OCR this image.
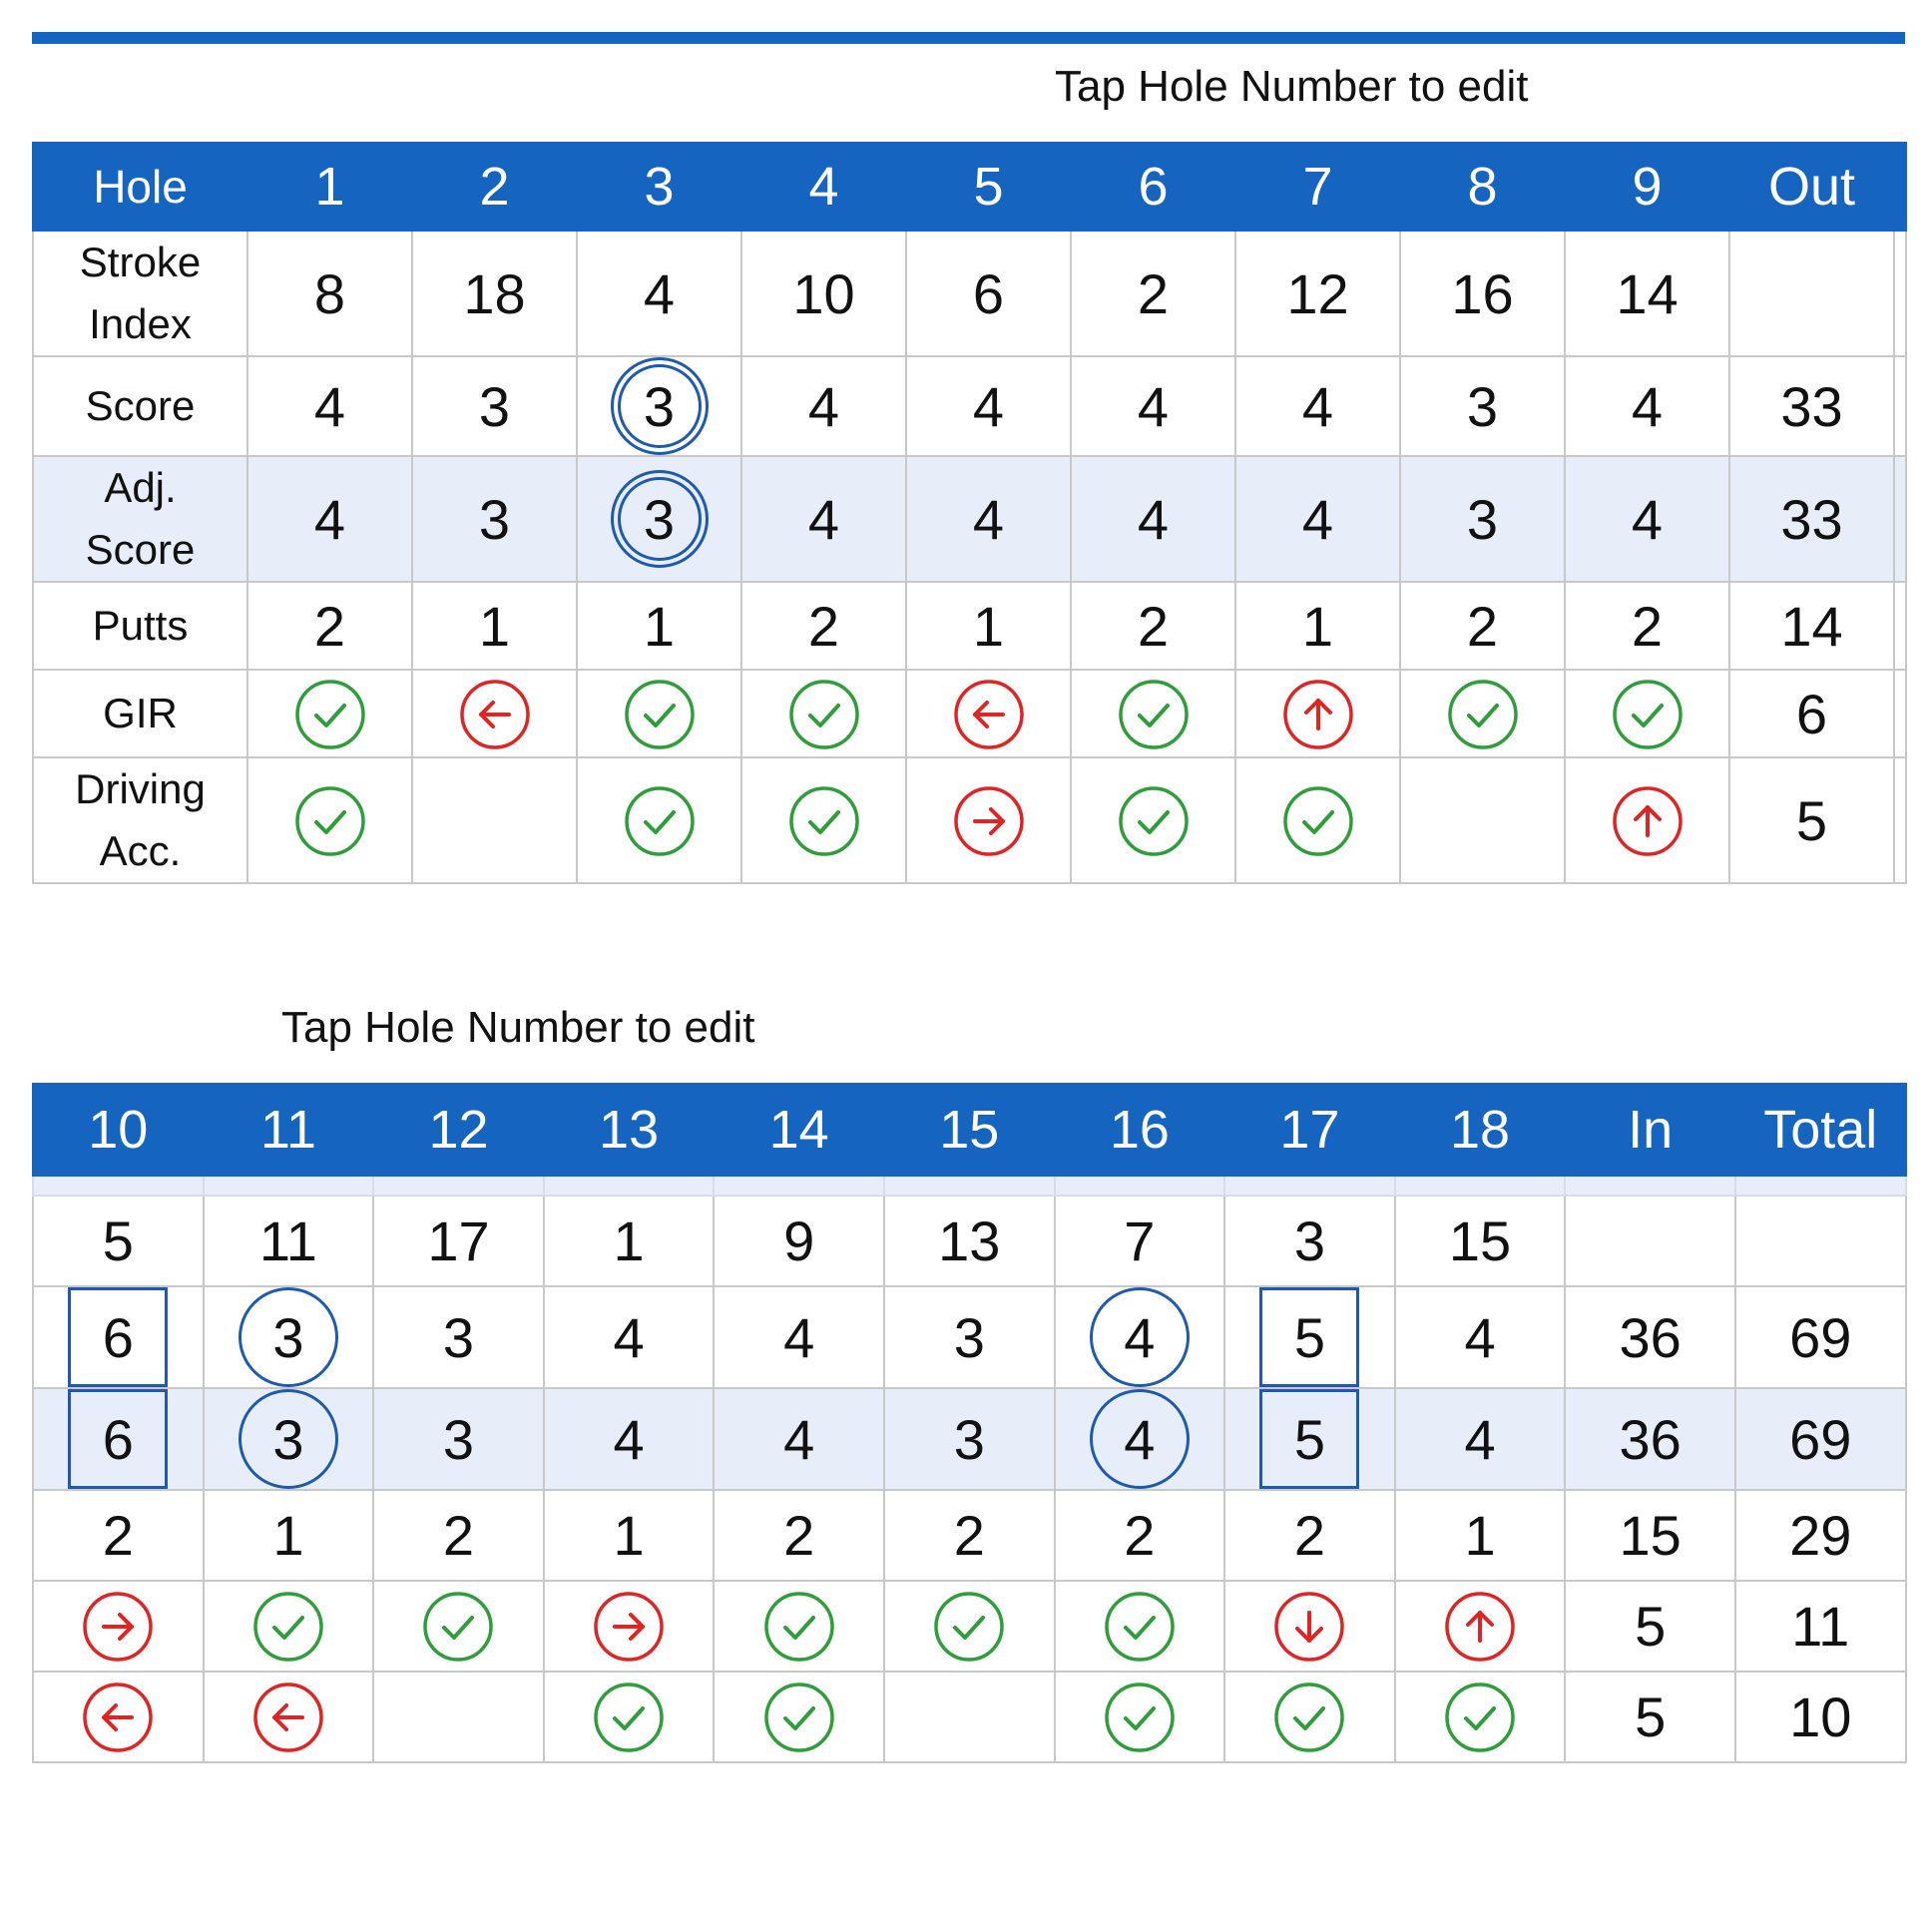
Tap Hole Number to edit
Hole	1	2	3	4	5	6	7	8	9	Out	
Stroke
Index	8	18	4	10	6	2	12	16	14		
Score	4	3	3	4	4	4	4	3	4	33	
Adj.
Score	4	3	3	4	4	4	4	3	4	33	
Putts	2	1	1	2	1	2	1	2	2	14	
GIR										6	
Driving
Acc.										5	
Tap Hole Number to edit
10	11	12	13	14	15	16	17	18	In	Total

5	11	17	1	9	13	7	3	15		

6	3	3	4	4	3	4	5	4	36	69

6	3	3	4	4	3	4	5	4	36	69
2	1	2	1	2	2	2	2	1	15	29
									5	11
									5	10
